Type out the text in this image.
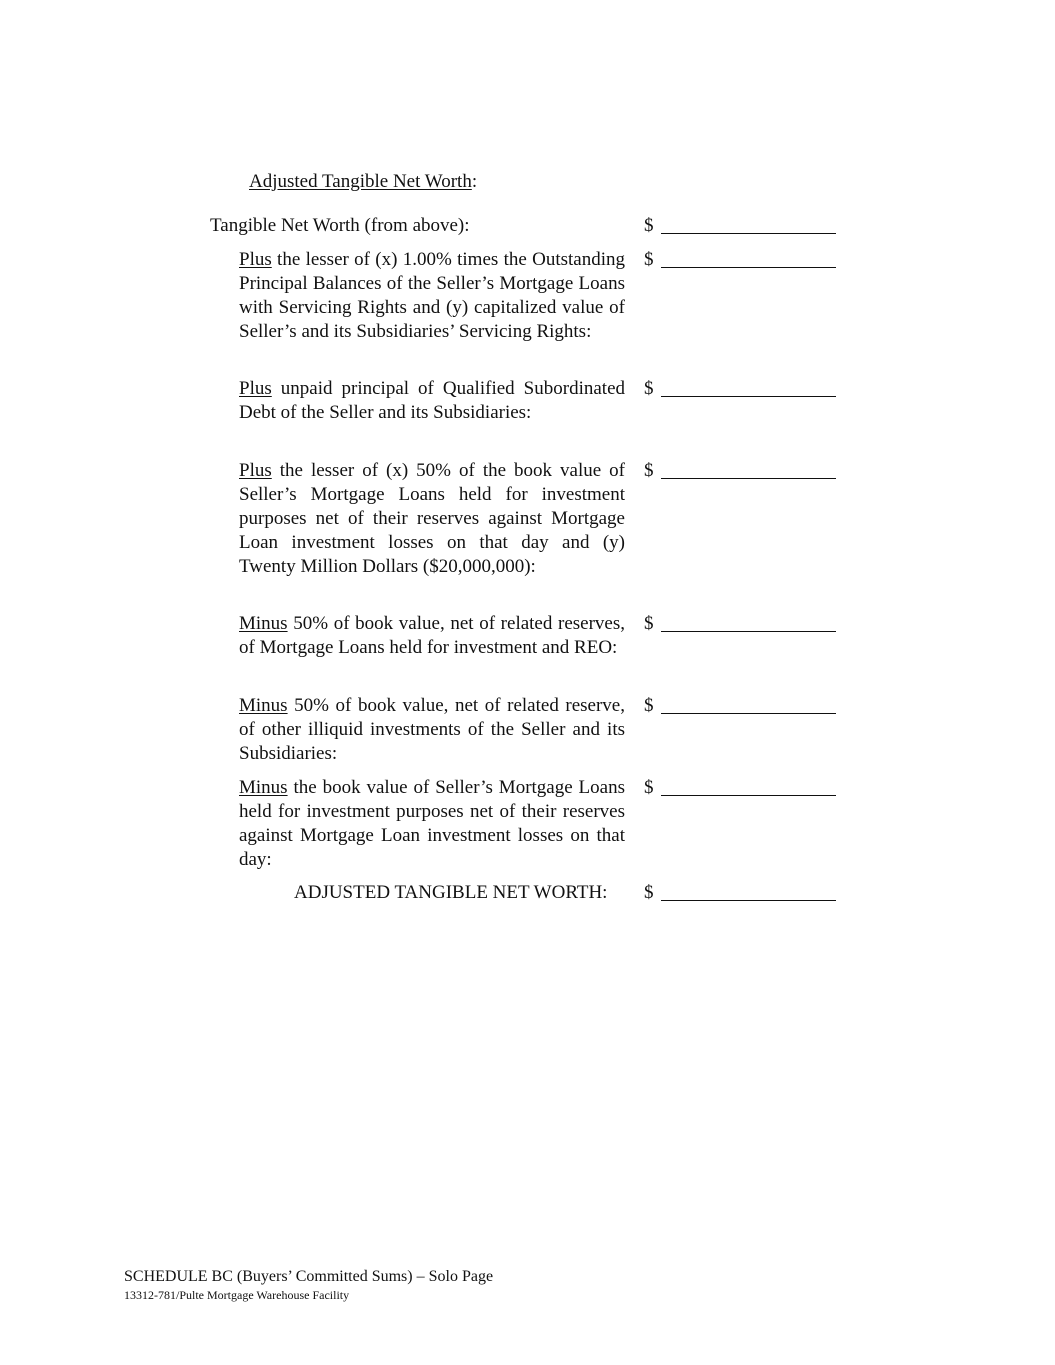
Adjusted Tangible Net Worth:
Tangible Net Worth (from above):	$
Plus the lesser of (x) 1.00% times the Outstanding Principal Balances of the Seller’s Mortgage Loans with Servicing Rights and (y) capitalized value of Seller’s and its Subsidiaries’ Servicing Rights:
$
Plus unpaid principal of Qualified Subordinated Debt of the Seller and its Subsidiaries:
$
Plus the lesser of (x) 50% of the book value of Seller’s Mortgage Loans held for investment purposes net of their reserves against Mortgage Loan investment losses on that day and (y) Twenty Million Dollars ($20,000,000):
$
Minus 50% of book value, net of related reserves, of Mortgage Loans held for investment and REO:
$
Minus 50% of book value, net of related reserve, of other illiquid investments of the Seller and its Subsidiaries:
$
Minus the book value of Seller’s Mortgage Loans held for investment purposes net of their reserves against Mortgage Loan investment losses on that day:
$
ADJUSTED TANGIBLE NET WORTH:	$
SCHEDULE BC (Buyers’ Committed Sums) – Solo Page
13312-781/Pulte Mortgage Warehouse Facility
